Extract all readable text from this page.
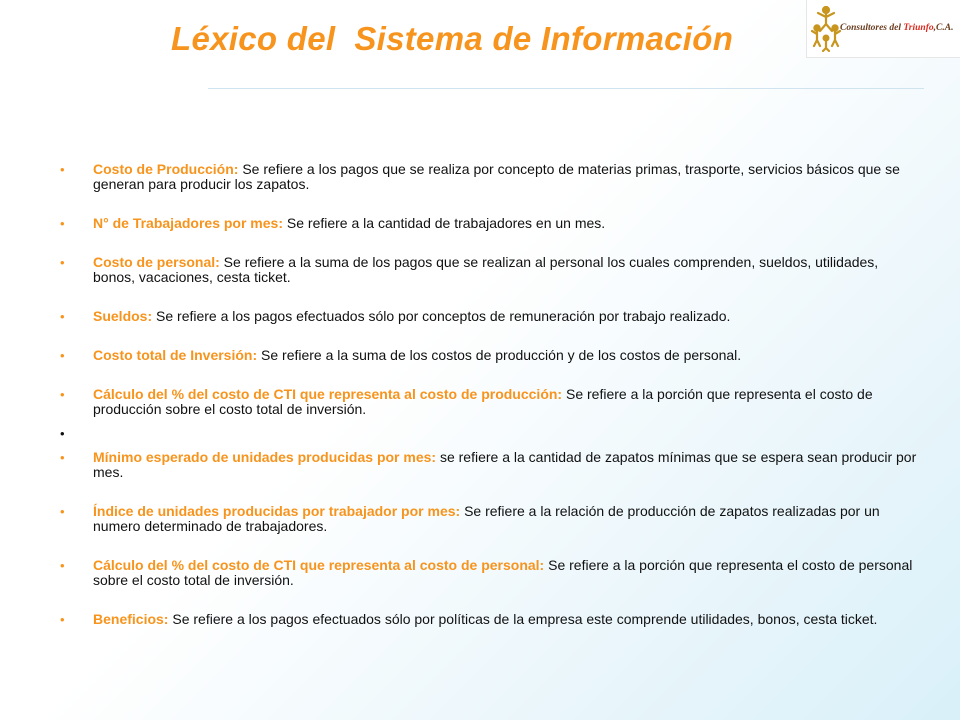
Léxico del  Sistema de Información	Consultores del Triunfo,C.A.
• Costo de Producción: Se refiere a los pagos que se realiza por concepto de materias primas, trasporte, servicios básicos que se generan para producir los zapatos.
• N° de Trabajadores por mes: Se refiere a la cantidad de trabajadores en un mes.
• Costo de personal: Se refiere a la suma de los pagos que se realizan al personal los cuales comprenden, sueldos, utilidades, bonos, vacaciones, cesta ticket.
• Sueldos: Se refiere a los pagos efectuados sólo por conceptos de remuneración por trabajo realizado.
• Costo total de Inversión: Se refiere a la suma de los costos de producción y de los costos de personal.
• Cálculo del % del costo de CTI que representa al costo de producción: Se refiere a la porción que representa el costo de producción sobre el costo total de inversión.
•
• Mínimo esperado de unidades producidas por mes: se refiere a la cantidad de zapatos mínimas que se espera sean producir por mes.
• Índice de unidades producidas por trabajador por mes: Se refiere a la relación de producción de zapatos realizadas por un numero determinado de trabajadores.
• Cálculo del % del costo de CTI que representa al costo de personal: Se refiere a la porción que representa el costo de personal sobre el costo total de inversión.
• Beneficios: Se refiere a los pagos efectuados sólo por políticas de la empresa este comprende utilidades, bonos, cesta ticket.
